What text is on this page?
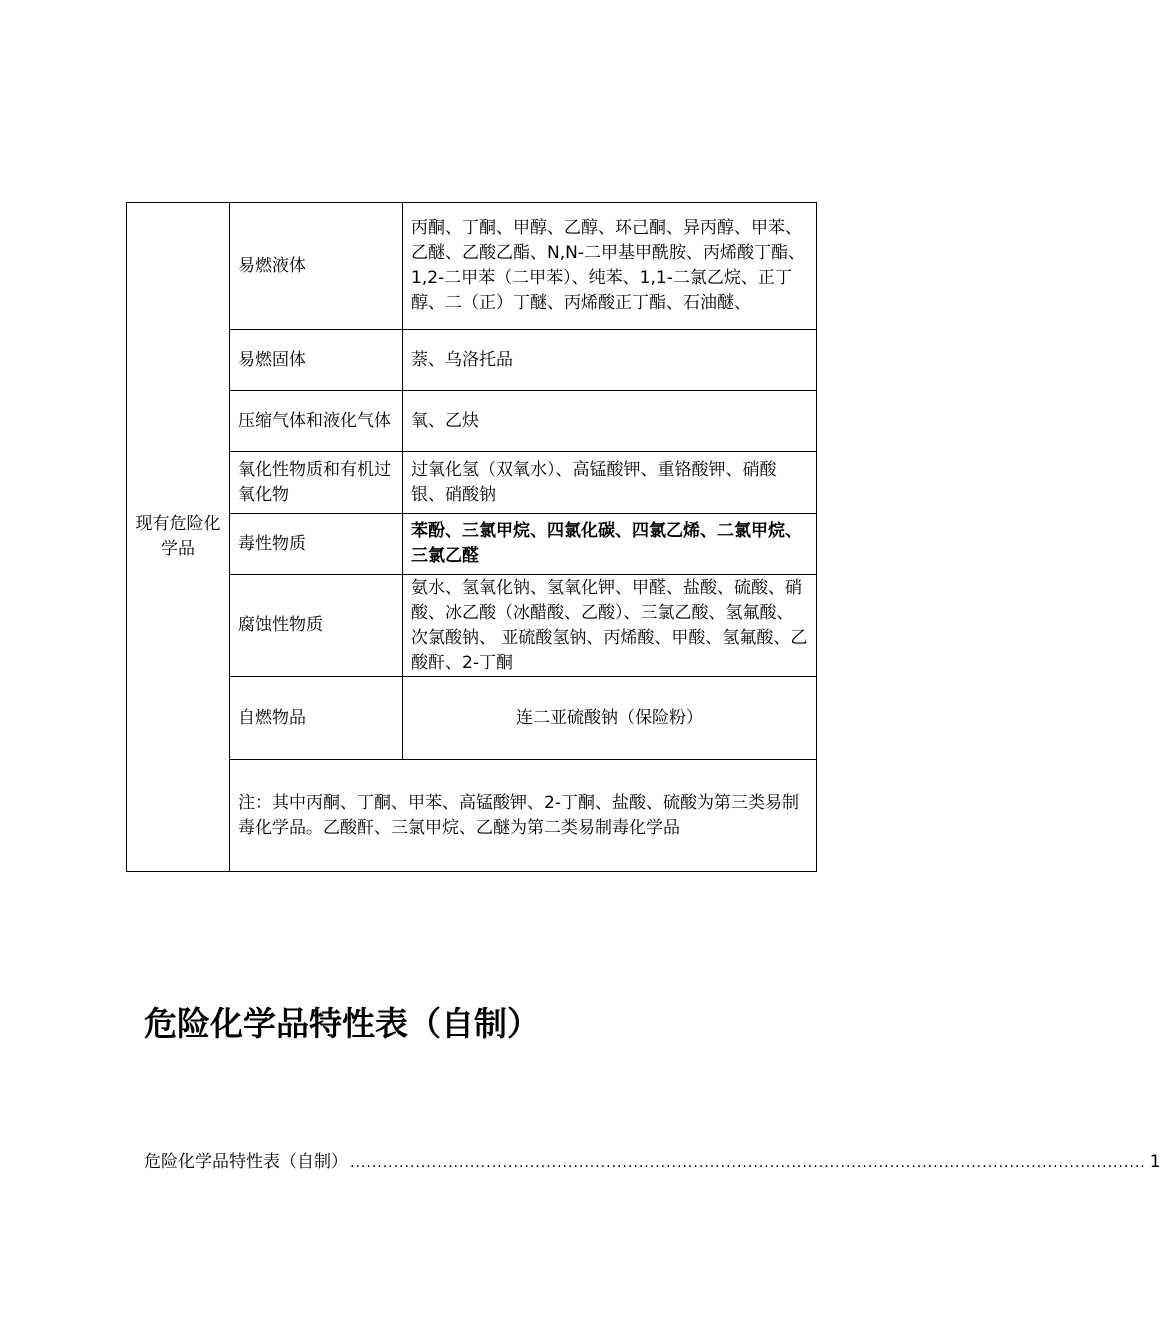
现有危险化学品	易燃液体	丙酮、丁酮、甲醇、乙醇、环己酮、异丙醇、甲苯、乙醚、乙酸乙酯、N,N-二甲基甲酰胺、丙烯酸丁酯、1,2-二甲苯（二甲苯）、纯苯、1,1-二氯乙烷、正丁醇、二（正）丁醚、丙烯酸正丁酯、石油醚、
	易燃固体	萘、乌洛托品
	压缩气体和液化气体	氧、乙炔
	氧化性物质和有机过氧化物	过氧化氢（双氧水）、高锰酸钾、重铬酸钾、硝酸银、硝酸钠
	毒性物质	苯酚、三氯甲烷、四氯化碳、四氯乙烯、二氯甲烷、三氯乙醛
	腐蚀性物质	氨水、氢氧化钠、氢氧化钾、甲醛、盐酸、硫酸、硝酸、冰乙酸（冰醋酸、乙酸）、三氯乙酸、氢氟酸、次氯酸钠、 亚硫酸氢钠、丙烯酸、甲酸、氢氟酸、乙酸酐、2-丁酮
	自燃物品	连二亚硫酸钠（保险粉）
	注：其中丙酮、丁酮、甲苯、高锰酸钾、2-丁酮、盐酸、硫酸为第三类易制毒化学品。乙酸酐、三氯甲烷、乙醚为第二类易制毒化学品	
危险化学品特性表（自制）
危险化学品特性表（自制） .................................................................................................................................................. 1
